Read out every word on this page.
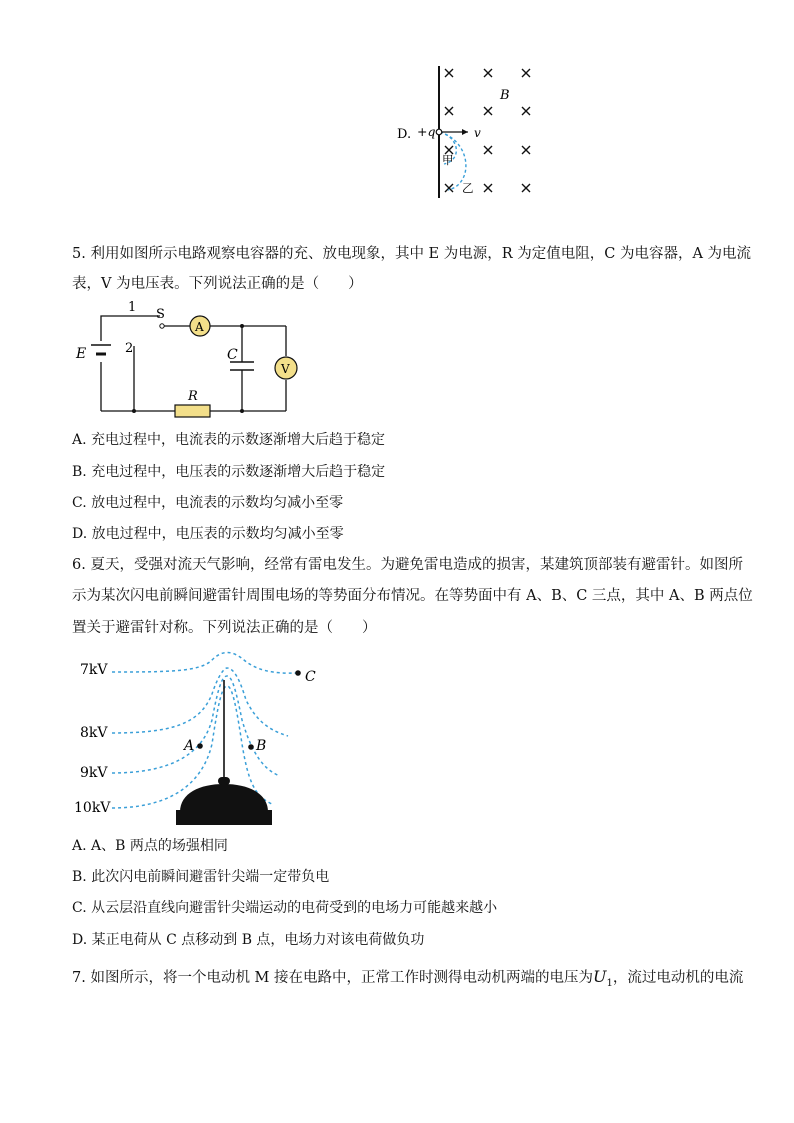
D. +q	v
B
甲
乙
5. 利用如图所示电路观察电容器的充、放电现象，其中 E 为电源，R 为定值电阻，C 为电容器，A 为电流
表，V 为电压表。下列说法正确的是（　　）
E
1
2
S
A
C
V
R
A. 充电过程中，电流表的示数逐渐增大后趋于稳定
B. 充电过程中，电压表的示数逐渐增大后趋于稳定
C. 放电过程中，电流表的示数均匀减小至零
D. 放电过程中，电压表的示数均匀减小至零
6. 夏天，受强对流天气影响，经常有雷电发生。为避免雷电造成的损害，某建筑顶部装有避雷针。如图所
示为某次闪电前瞬间避雷针周围电场的等势面分布情况。在等势面中有 A、B、C 三点，其中 A、B 两点位
置关于避雷针对称。下列说法正确的是（　　）
7kV
8kV
9kV
10kV
A	B
C
A. A、B 两点的场强相同
B. 此次闪电前瞬间避雷针尖端一定带负电
C. 从云层沿直线向避雷针尖端运动的电荷受到的电场力可能越来越小
D. 某正电荷从 C 点移动到 B 点，电场力对该电荷做负功
7. 如图所示，将一个电动机 M 接在电路中，正常工作时测得电动机两端的电压为$U_1$，流过电动机的电流
